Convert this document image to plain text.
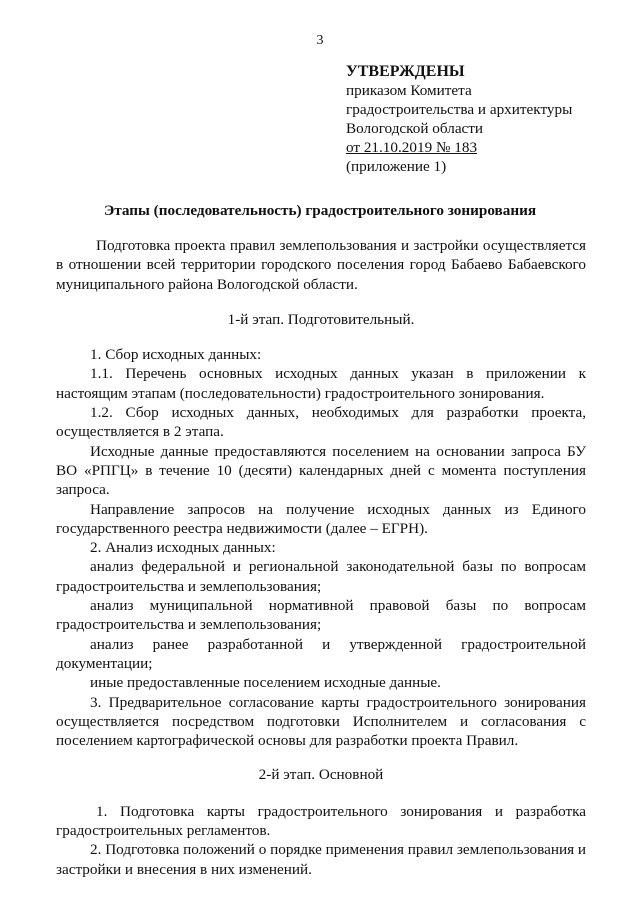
3
УТВЕРЖДЕНЫ
приказом Комитета
градостроительства и архитектуры
Вологодской области
от 21.10.2019 № 183
(приложение 1)
Этапы (последовательность) градостроительного зонирования

Подготовка проекта правил землепользования и застройки осуществляется в отношении всей территории городского поселения город Бабаево Бабаевского муниципального района Вологодской области.

1-й этап. Подготовительный.

1. Сбор исходных данных:

1.1. Перечень основных исходных данных указан в приложении к настоящим этапам (последовательности) градостроительного зонирования.

1.2. Сбор исходных данных, необходимых для разработки проекта, осуществляется в 2 этапа.

Исходные данные предоставляются поселением на основании запроса БУ ВО «РПГЦ» в течение 10 (десяти) календарных дней с момента поступления запроса.

Направление запросов на получение исходных данных из Единого государственного реестра недвижимости (далее – ЕГРН).

2. Анализ исходных данных:

анализ федеральной и региональной законодательной базы по вопросам градостроительства и землепользования;

анализ муниципальной нормативной правовой базы по вопросам градостроительства и землепользования;

анализ ранее разработанной и утвержденной градостроительной документации;

иные предоставленные поселением исходные данные.

3. Предварительное согласование карты градостроительного зонирования осуществляется посредством подготовки Исполнителем и согласования с поселением картографической основы для разработки проекта Правил.

2-й этап. Основной

1. Подготовка карты градостроительного зонирования и разработка градостроительных регламентов.

2. Подготовка положений о порядке применения правил землепользования и застройки и внесения в них изменений.
